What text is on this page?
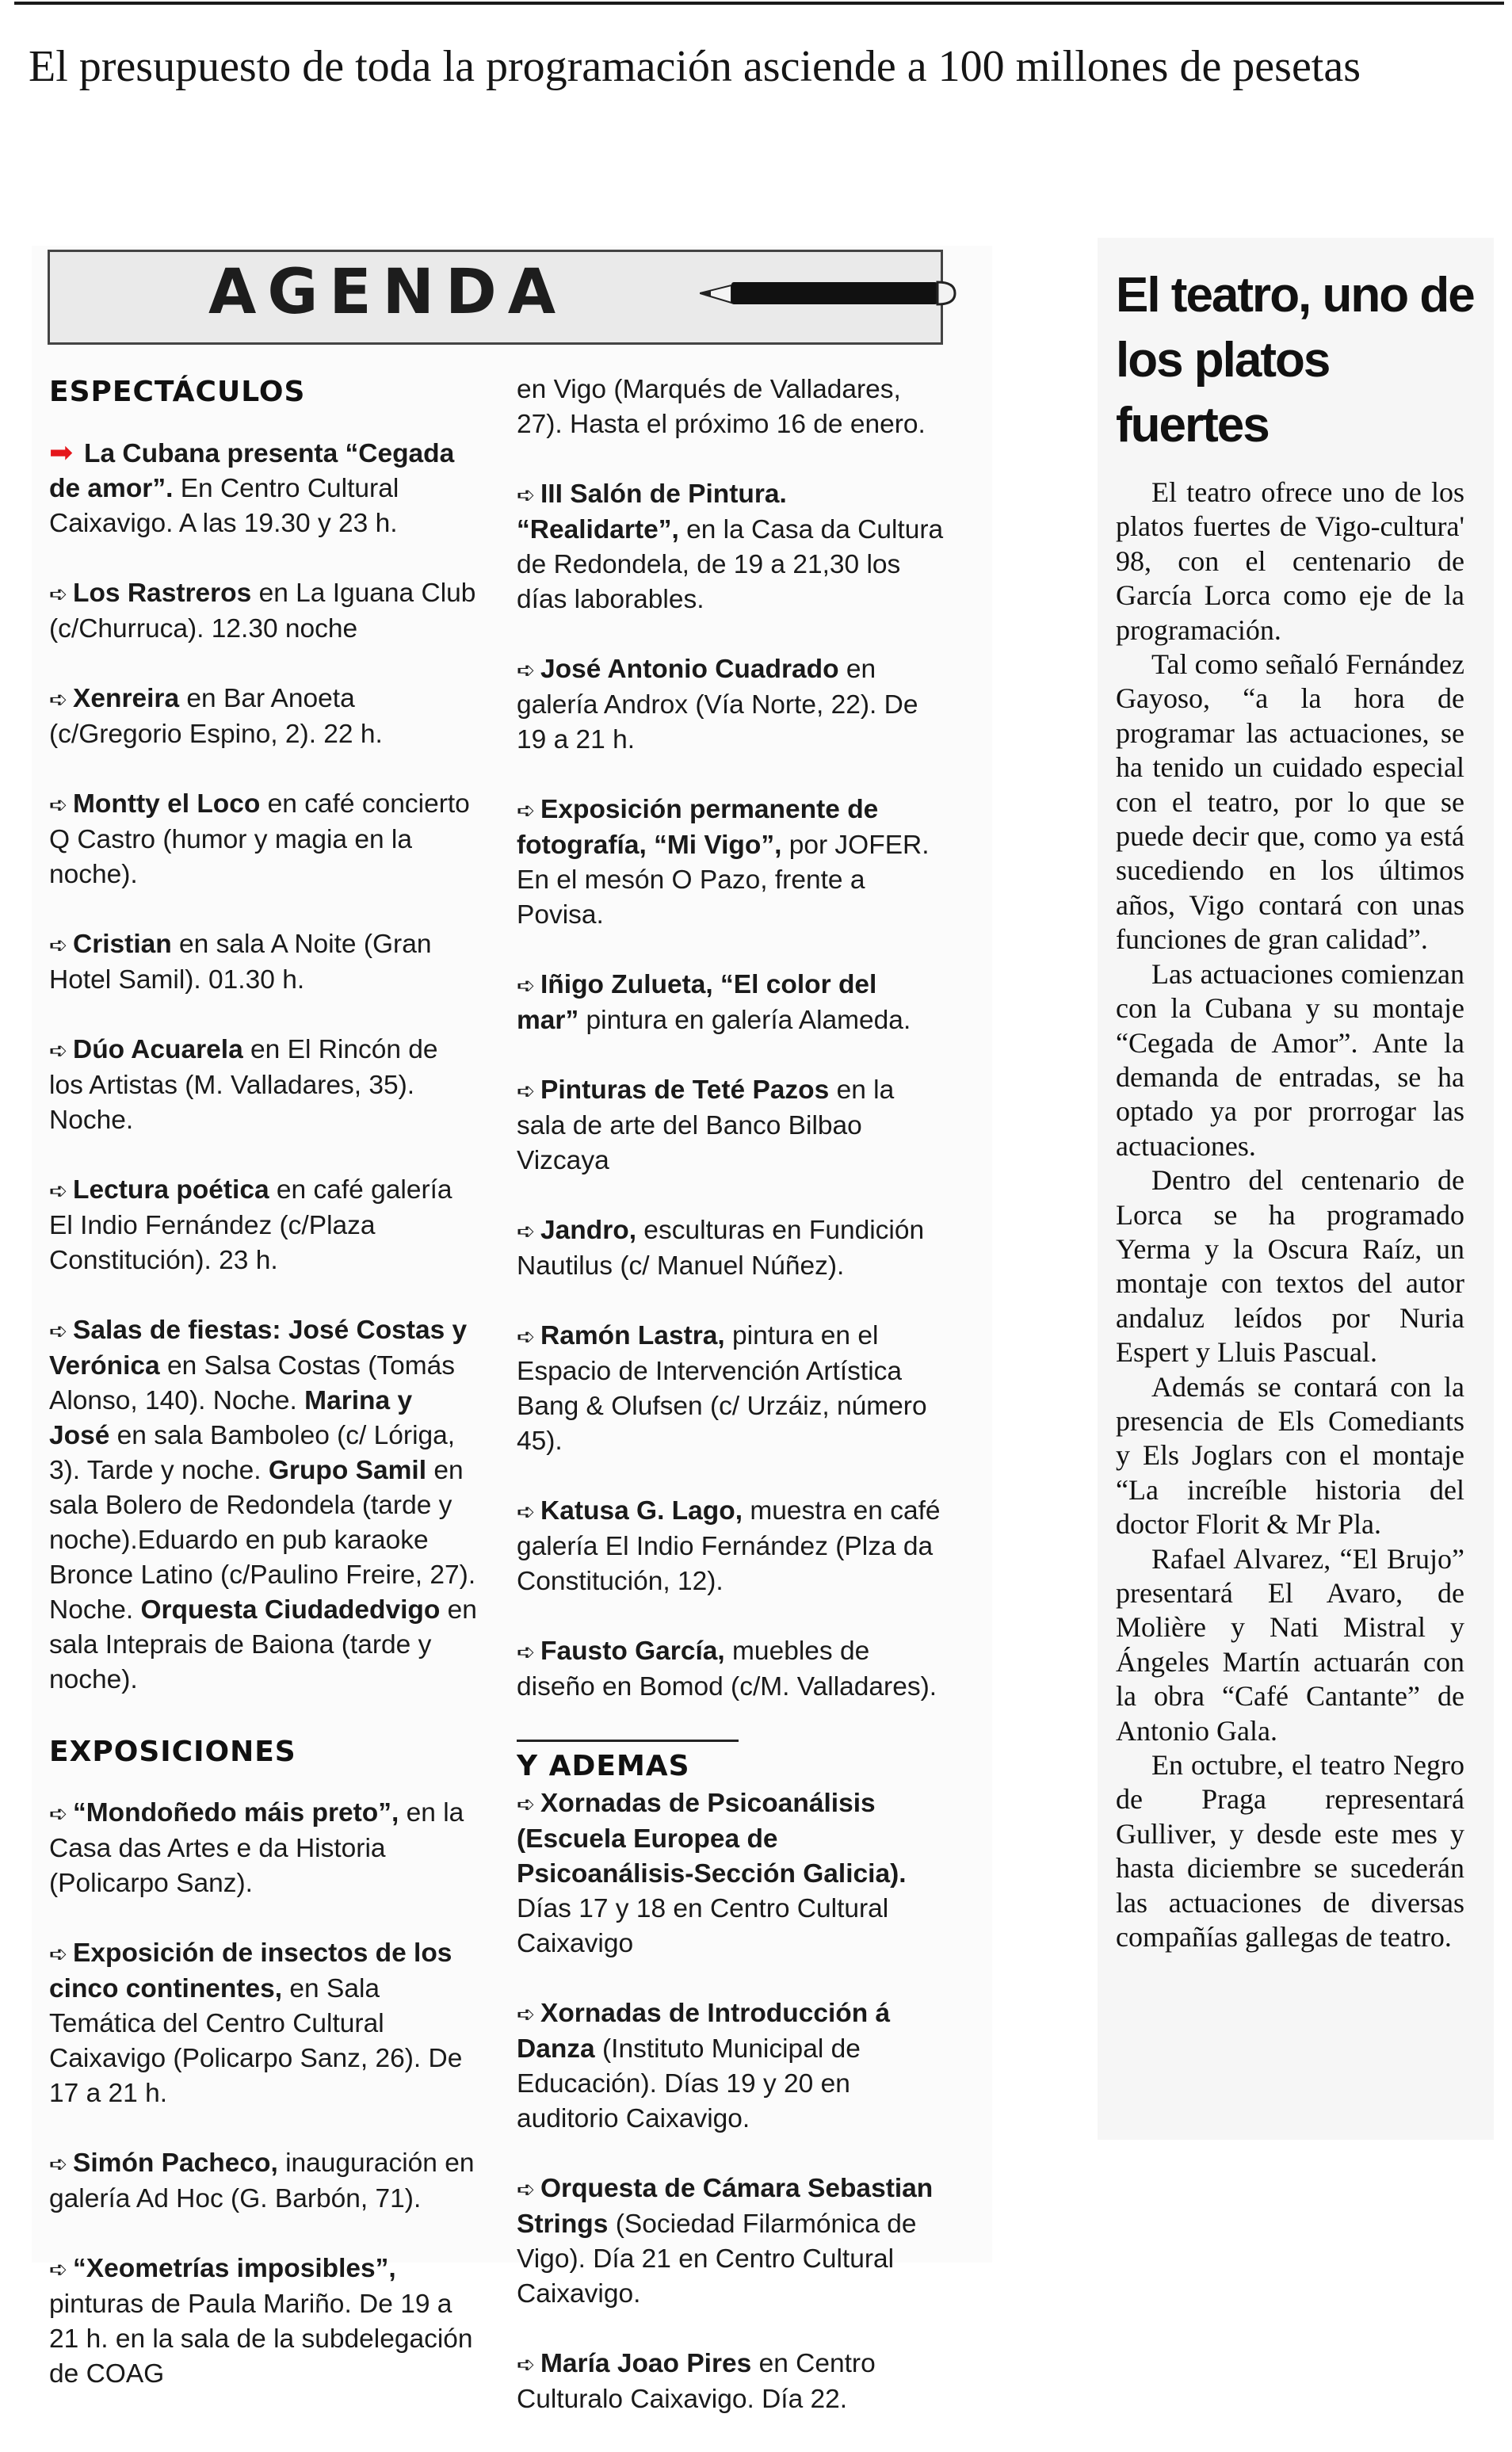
El presupuesto de toda la programación asciende a 100 millones de pesetas
AGENDA
ESPECTÁCULOS
➡ La Cubana presenta “Cegada de amor”. En Centro Cultural Caixavigo. A las 19.30 y 23 h.
➪ Los Rastreros en La Iguana Club (c/Churruca). 12.30 noche
➪ Xenreira en Bar Anoeta (c/Gregorio Espino, 2). 22 h.
➪ Montty el Loco en café concierto Q Castro (humor y magia en la noche).
➪ Cristian en sala A Noite (Gran Hotel Samil). 01.30 h.
➪ Dúo Acuarela en El Rincón de los Artistas (M. Valladares, 35). Noche.
➪ Lectura poética en café galería El Indio Fernández (c/Plaza Constitución). 23 h.
➪ Salas de fiestas: José Costas y Verónica en Salsa Costas (Tomás Alonso, 140). Noche. Marina y José en sala Bamboleo (c/ Lóriga, 3). Tarde y noche. Grupo Samil en sala Bolero de Redondela (tarde y noche).Eduardo en pub karaoke Bronce Latino (c/Paulino Freire, 27). Noche. Orquesta Ciudadedvigo en sala Inteprais de Baiona (tarde y noche).
EXPOSICIONES
➪ “Mondoñedo máis preto”, en la Casa das Artes e da Historia (Policarpo Sanz).
➪ Exposición de insectos de los cinco continentes, en Sala Temática del Centro Cultural Caixavigo (Policarpo Sanz, 26). De 17 a 21 h.
➪ Simón Pacheco, inauguración en galería Ad Hoc (G. Barbón, 71).
➪ “Xeometrías imposibles”, pinturas de Paula Mariño. De 19 a 21 h. en la sala de la subdelegación de COAG
en Vigo (Marqués de Valladares, 27). Hasta el próximo 16 de enero.
➪ III Salón de Pintura. “Realidarte”, en la Casa da Cultura de Redondela, de 19 a 21,30 los días laborables.
➪ José Antonio Cuadrado en galería Androx (Vía Norte, 22). De 19 a 21 h.
➪ Exposición permanente de fotografía, “Mi Vigo”, por JOFER. En el mesón O Pazo, frente a Povisa.
➪ Iñigo Zulueta, “El color del mar” pintura en galería Alameda.
➪ Pinturas de Teté Pazos en la sala de arte del Banco Bilbao Vizcaya
➪ Jandro, esculturas en Fundición Nautilus (c/ Manuel Núñez).
➪ Ramón Lastra, pintura en el Espacio de Intervención Artística Bang & Olufsen (c/ Urzáiz, número 45).
➪ Katusa G. Lago, muestra en café galería El Indio Fernández (Plza da Constitución, 12).
➪ Fausto García, muebles de diseño en Bomod (c/M. Valladares).
Y ADEMAS
➪ Xornadas de Psicoanálisis (Escuela Europea de Psicoanálisis-Sección Galicia). Días 17 y 18 en Centro Cultural Caixavigo
➪ Xornadas de Introducción á Danza (Instituto Municipal de Educación). Días 19 y 20 en auditorio Caixavigo.
➪ Orquesta de Cámara Sebastian Strings (Sociedad Filarmónica de Vigo). Día 21 en Centro Cultural Caixavigo.
➪ María Joao Pires en Centro Culturalo Caixavigo. Día 22.
El teatro, uno de los platos fuertes

El teatro ofrece uno de los platos fuertes de Vigo-cultura' 98, con el centenario de García Lorca como eje de la programación.

Tal como señaló Fernández Gayoso, “a la hora de programar las actuaciones, se ha tenido un cuidado especial con el teatro, por lo que se puede decir que, como ya está sucediendo en los últimos años, Vigo contará con unas funciones de gran calidad”.

Las actuaciones comienzan con la Cubana y su montaje “Cegada de Amor”. Ante la demanda de entradas, se ha optado ya por prorrogar las actuaciones.

Dentro del centenario de Lorca se ha programado Yerma y la Oscura Raíz, un montaje con textos del autor andaluz leídos por Nuria Espert y Lluis Pascual.

Además se contará con la presencia de Els Comediants y Els Joglars con el montaje “La increíble historia del doctor Florit & Mr Pla.

Rafael Alvarez, “El Brujo” presentará El Avaro, de Molière y Nati Mistral y Ángeles Martín actuarán con la obra “Café Cantante” de Antonio Gala.

En octubre, el teatro Negro de Praga representará Gulliver, y desde este mes y hasta diciembre se sucederán las actuaciones de diversas compañías gallegas de teatro.
